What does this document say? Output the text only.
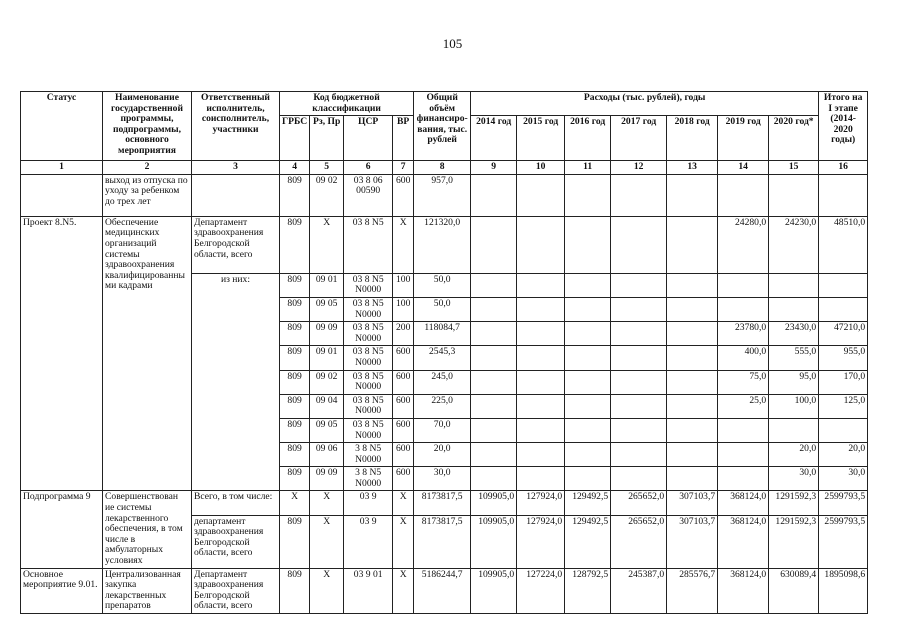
105
Статус	Наименование государственной программы, подпрограммы, основного мероприятия	Ответственный исполнитель, соисполнитель, участники	Код бюджетной классификации				Общий объём финансиро-вания, тыс. рублей	Расходы (тыс. рублей), годы							Итого на I этапе (2014-2020 годы)
			ГРБС	Рз, Пр	ЦСР	ВР		2014 год	2015 год	2016 год	2017 год	2018 год	2019 год	2020 год*	
1	2	3	4	5	6	7	8	9	10	11	12	13	14	15	16
	выход из отпуска по уходу за ребенком до трех лет		809	09 02	03 8 06 00590	600	957,0								
Проект 8.N5.	Обеспечение медицинских организаций системы здравоохранения квалифицированны ми кадрами	Департамент здравоохранения Белгородской области, всего	809	X	03 8 N5	X	121320,0						24280,0	24230,0	48510,0
		из них:	809	09 01	03 8 N5 N0000	100	50,0								
			809	09 05	03 8 N5 N0000	100	50,0								
			809	09 09	03 8 N5 N0000	200	118084,7						23780,0	23430,0	47210,0
			809	09 01	03 8 N5 N0000	600	2545,3						400,0	555,0	955,0
			809	09 02	03 8 N5 N0000	600	245,0						75,0	95,0	170,0
			809	09 04	03 8 N5 N0000	600	225,0						25,0	100,0	125,0
			809	09 05	03 8 N5 N0000	600	70,0								
			809	09 06	3 8 N5 N0000	600	20,0							20,0	20,0
			809	09 09	3 8 N5 N0000	600	30,0							30,0	30,0
Подпрограмма 9	Совершенствован ие системы лекарственного обеспечения, в том числе в амбулаторных условиях	Всего, в том числе:	X	X	03 9	X	8173817,5	109905,0	127924,0	129492,5	265652,0	307103,7	368124,0	1291592,3	2599793,5
		департамент здравоохранения Белгородской области, всего	809	X	03 9	X	8173817,5	109905,0	127924,0	129492,5	265652,0	307103,7	368124,0	1291592,3	2599793,5
Основное мероприятие 9.01.	Централизованная закупка лекарственных препаратов	Департамент здравоохранения Белгородской области, всего	809	X	03 9 01	X	5186244,7	109905,0	127224,0	128792,5	245387,0	285576,7	368124,0	630089,4	1895098,6
